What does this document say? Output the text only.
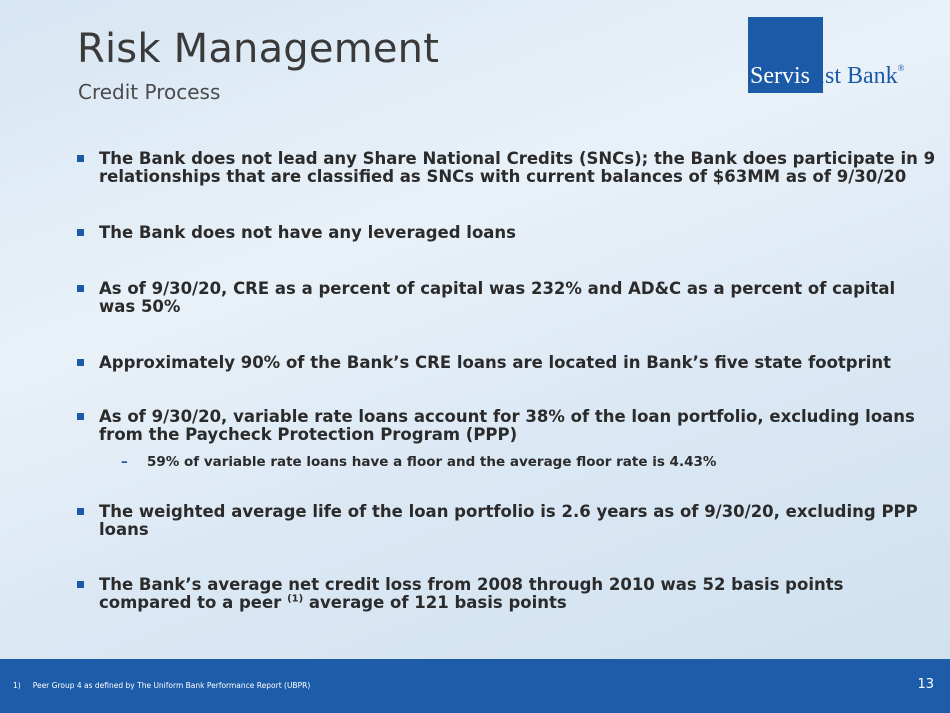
Risk Management
Credit Process
Servis 1st Bank®
The Bank does not lead any Share National Credits (SNCs); the Bank does participate in 9 relationships that are classified as SNCs with current balances of $63MM as of 9/30/20
The Bank does not have any leveraged loans
As of 9/30/20, CRE as a percent of capital was 232% and AD&C as a percent of capital was 50%
Approximately 90% of the Bank’s CRE loans are located in Bank’s five state footprint
As of 9/30/20, variable rate loans account for 38% of the loan portfolio, excluding loans from the Paycheck Protection Program (PPP)
– 59% of variable rate loans have a floor and the average floor rate is 4.43%
The weighted average life of the loan portfolio is 2.6 years as of 9/30/20, excluding PPP loans
The Bank’s average net credit loss from 2008 through 2010 was 52 basis points compared to a peer $^{(1)}$ average of 121 basis points
1) Peer Group 4 as defined by The Uniform Bank Performance Report (UBPR)	13
